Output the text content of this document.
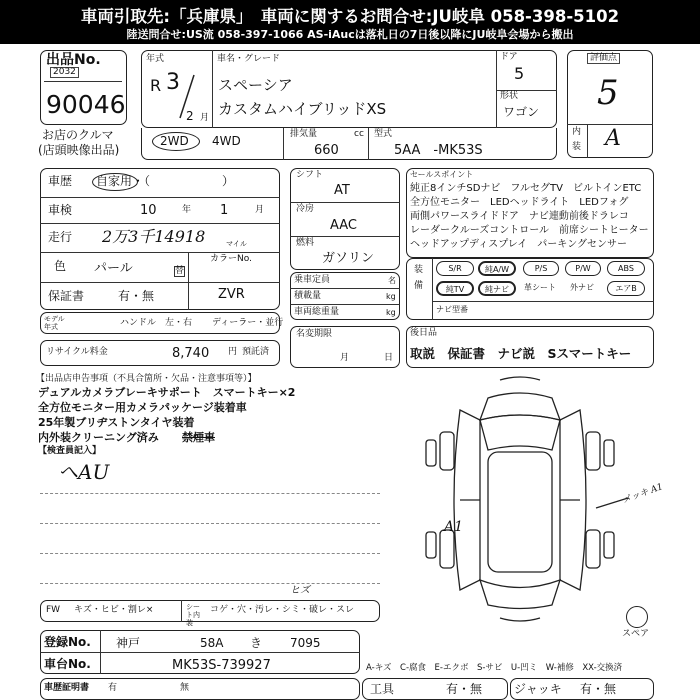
車両引取先:「兵庫県」　車両に関するお問合せ:JU岐阜 058-398-5102
陸送問合せ:US流 058-397-1066 AS-iAucは落札日の7日後以降にJU岐阜会場から搬出
出品No.
2032
90046
お店のクルマ
(店頭映像出品)
年式
R 3
2 月
車名・グレード
スペーシア
カスタムハイブリッドXS
ドア
5
形状
ワゴン
評価点
5
内
装 A
2WD 4WD	排気量	cc
660
型式
5AA　-MK53S
車歴 自家用・（　　　　　　）
車検	10	年 1	月
走行 2万3千14918	マイル
色 パール	替
カラーNo.
ZVR
保証書	有・無
モデル年式	ハンドル　左・右 ディーラー・並行
リサイクル料金	8,740 円 預託済
シフト
AT
冷房
AAC
燃料
ガソリン
乗車定員
積載量
車両総重量
名
kg
kg
名変期限
月	日
セールスポイント
純正8インチSDナビ　フルセグTV　ビルトインETC
全方位モニター　LEDヘッドライト　LEDフォグ
両側パワースライドドア　ナビ連動前後ドラレコ
レーダークルーズコントロール　前席シートヒーター
ヘッドアップディスプレイ　パーキングセンサー
装
備
S/R	純A/W	P/S	P/W	ABS
純TV	純ナビ	革シート 外ナビ	エアB
ナビ型番
後日品
取説　保証書　ナビ説　Sスマートキー
【出品店申告事項（不具合箇所・欠品・注意事項等）】
デュアルカメラブレーキサポート　スマートキー×2
全方位モニター用カメラパッケージ装着車
25年製ブリヂストンタイヤ装着
内外装クリーニング済み 禁煙車
【検査員記入】
ヘAU
A1
メッキ A1
スペア
FW キズ・ヒビ・割レ×	シート内装
コゲ・穴・汚レ・シミ・破レ・スレ
ヒズ
登録No. 神戸	58A き 7095
車台No.	MK53S-739927	A-キズ　C-腐食　E-エクボ　S-サビ　U-凹ミ　W-補修　XX-交換済
車歴証明書 有	無	工具	有・無	ジャッキ 有・無
